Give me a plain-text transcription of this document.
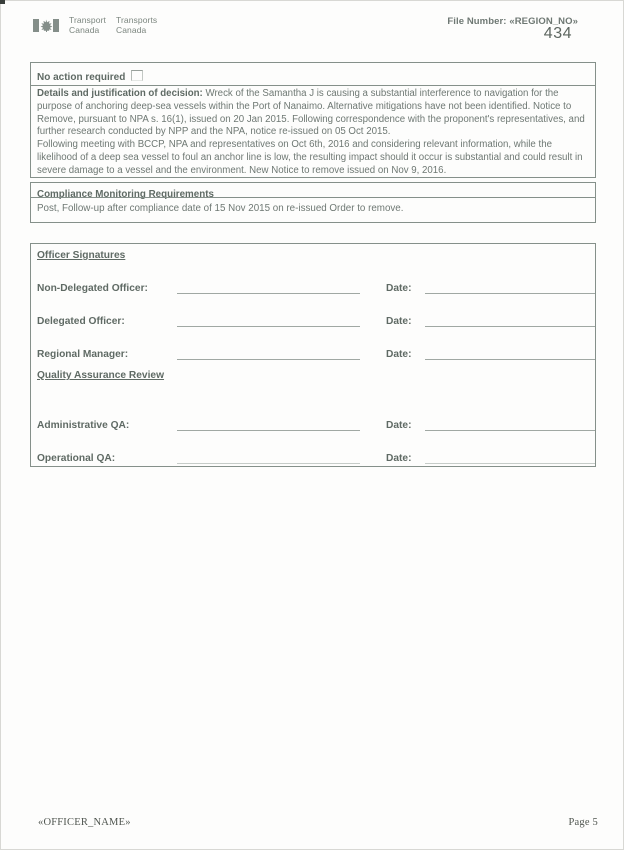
Transport
Canada
Transports
Canada
File Number: «REGION_NO»
434
No action required

Details and justification of decision: Wreck of the Samantha J is causing a substantial interference to navigation for the purpose of anchoring deep-sea vessels within the Port of Nanaimo. Alternative mitigations have not been identified. Notice to Remove, pursuant to NPA s. 16(1), issued on 20 Jan 2015. Following correspondence with the proponent's representatives, and further research conducted by NPP and the NPA, notice re-issued on 05 Oct 2015.

Following meeting with BCCP, NPA and representatives on Oct 6th, 2016 and considering relevant information, while the likelihood of a deep sea vessel to foul an anchor line is low, the resulting impact should it occur is substantial and could result in severe damage to a vessel and the environment. New Notice to remove issued on Nov 9, 2016.

Compliance Monitoring Requirements
Post, Follow-up after compliance date of 15 Nov 2015 on re-issued Order to remove.
Officer Signatures
Non-Delegated Officer:	Date:
Delegated Officer:	Date:
Regional Manager:	Date:
Quality Assurance Review
Administrative QA:	Date:
Operational QA:	Date:
«OFFICER_NAME»	Page 5
